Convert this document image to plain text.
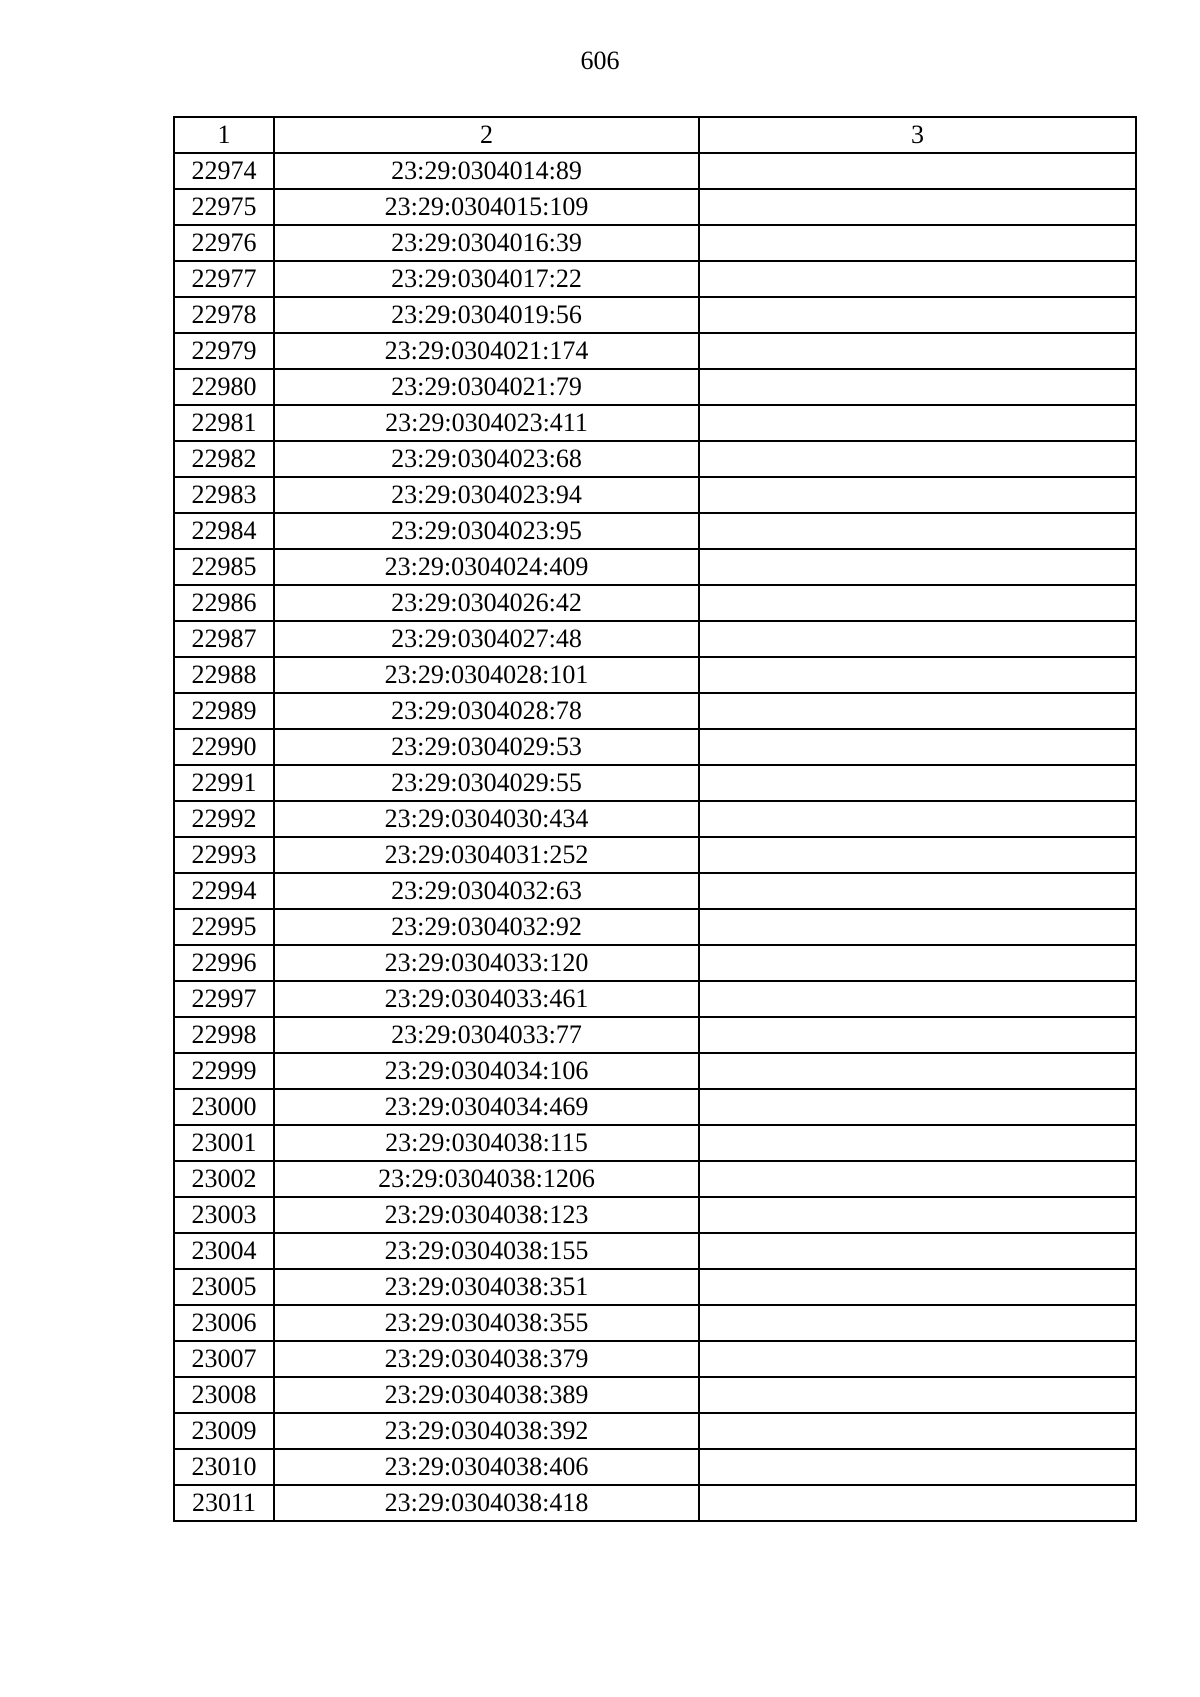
606
1	2	3
22974	23:29:0304014:89	
22975	23:29:0304015:109	
22976	23:29:0304016:39	
22977	23:29:0304017:22	
22978	23:29:0304019:56	
22979	23:29:0304021:174	
22980	23:29:0304021:79	
22981	23:29:0304023:411	
22982	23:29:0304023:68	
22983	23:29:0304023:94	
22984	23:29:0304023:95	
22985	23:29:0304024:409	
22986	23:29:0304026:42	
22987	23:29:0304027:48	
22988	23:29:0304028:101	
22989	23:29:0304028:78	
22990	23:29:0304029:53	
22991	23:29:0304029:55	
22992	23:29:0304030:434	
22993	23:29:0304031:252	
22994	23:29:0304032:63	
22995	23:29:0304032:92	
22996	23:29:0304033:120	
22997	23:29:0304033:461	
22998	23:29:0304033:77	
22999	23:29:0304034:106	
23000	23:29:0304034:469	
23001	23:29:0304038:115	
23002	23:29:0304038:1206	
23003	23:29:0304038:123	
23004	23:29:0304038:155	
23005	23:29:0304038:351	
23006	23:29:0304038:355	
23007	23:29:0304038:379	
23008	23:29:0304038:389	
23009	23:29:0304038:392	
23010	23:29:0304038:406	
23011	23:29:0304038:418	
